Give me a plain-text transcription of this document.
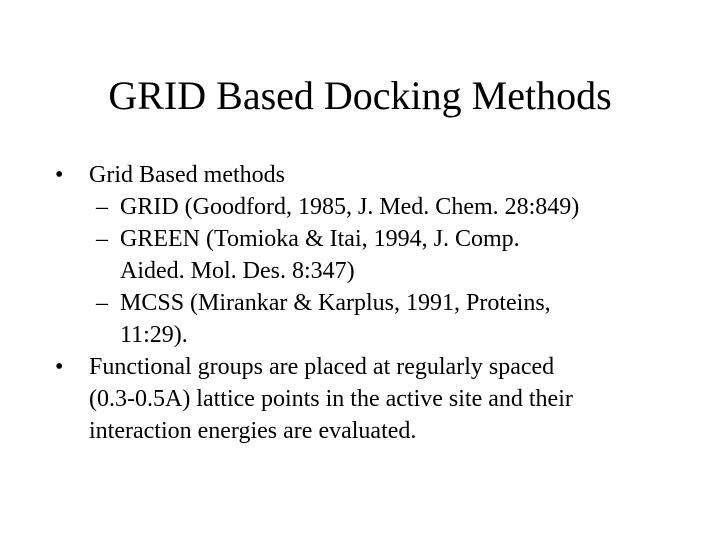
GRID Based Docking Methods
• Grid Based methods
– GRID (Goodford, 1985, J. Med. Chem. 28:849)
– GREEN (Tomioka & Itai, 1994, J. Comp.
Aided. Mol. Des. 8:347)
– MCSS (Mirankar & Karplus, 1991, Proteins,
11:29).
• Functional groups are placed at regularly spaced
(0.3-0.5A) lattice points in the active site and their
interaction energies are evaluated.
